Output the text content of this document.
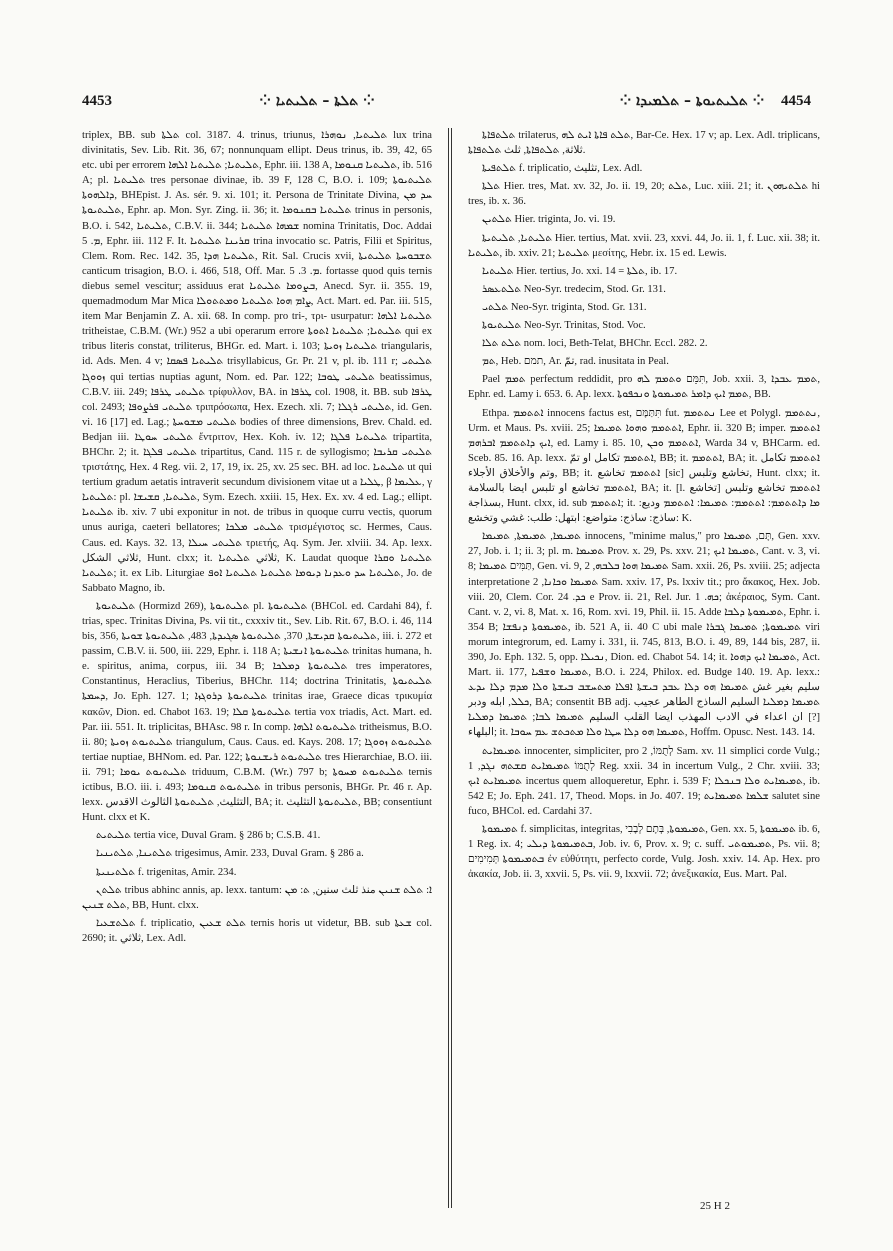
4453	⁘ ܬܠܬܐ – ܬܠܝܬܝܐ ⁘	⁘ ܬܠܝܬܝܘܬܐ – ܬܠܡܝܕܐ ⁘	4454

triplex, BB. sub ܬܠܬܐ col. 3187. 4. trinus, triunus, ܬܠܝܬܝܐ, ܢܘܗܪܐ lux trina divinitatis, Sev. Lib. Rit. 36, 67; nonnunquam ellipt. Deus trinus, ib. 39, 42, 65 etc. ubi per errorem ܬܠܝܬܝܐ; ܬܠܝܬܝܐ ܐܠܗܐ, Ephr. iii. 138 A, ܬܠܝܬܝܐ ܩܢܘܡܐ, ib. 516 A; pl. ܬܠܝܬܝܐ tres personae divinae, ib. 39 F, 128 C, B.O. i. 109; ܬܠܝܬܝܘܬܐ ܕܐܠܗܘܬܐ, BHEpist. J. As. sér. 9. xi. 101; it. Persona de Trinitate Divina, ܚܕ ܡܢ ܬܠܝܬܝܘܬܐ, Ephr. ap. Mon. Syr. Zing. ii. 36; it. ܬܠܝܬܝܐ ܒܩܢܘܡܐ trinus in personis, B.O. i. 542, ܬܠܝܬܝܐ, C.B.V. ii. 344; ܫܡܗܐ ܬܠܝܬܝܐ nomina Trinitatis, Doc. Addai ܡ. 5, Ephr. iii. 112 F. It. ܩܪܝܢܐ ܬܠܝܬܝܐ trina invocatio sc. Patris, Filii et Spiritus, Clem. Rom. Rec. 142. 35, ܬܠܝܬܝܐ ܗܕܐ, Rit. Sal. Crucis xvii, ܬܫܒܘܚܬܐ ܬܠܝܬܝܬܐ canticum trisagion, B.O. i. 466, 518, Off. Mar. ܡ. 3. 5. fortasse quod quis ternis diebus semel vescitur; assiduus erat ܒܨܘܡܐ ܬܠܝܬܝܐ, Anecd. Syr. ii. 355. 19, quemadmodum Mar Mica ܨܐܡ ܗܘܐ ܬܠܝܬܝܐ ܘܡܬܬܘܠܐ, Act. Mart. ed. Par. iii. 515, item Mar Benjamin Z. A. xii. 68. In comp. pro tri-, τρι- usurpatur: ܬܠܝܬܝܐ ܐܠܗܐ tritheistae, C.B.M. (Wr.) 952 a ubi operarum errore ܬܠܝܬܝܐ; ܬܠܝܬܝܐ ܐܬܘܬܐ qui ex tribus literis constat, triliterus, BHGr. ed. Mart. i. 103; ܬܠܝܬܝܐ ܙܘܝܬܐ triangularis, id. Ads. Men. 4 v; ܬܠܝܬܝܐ ܦܣܩܐ trisyllabicus, Gr. Pr. 21 v, pl. ib. 111 r; ܬܠܝܬܝ ܙܘܘܓܐ qui tertias nuptias agunt, Nom. ed. Par. 122; ܬܠܝܬܝ ܛܘܒܐ beatissimus, C.B.V. iii. 249; ܬܠܝܬܝ ܛܪܦܐ τρίφυλλον, BA. in ܛܪܦܐ col. 1908, it. BB. sub ܛܪܦܐ col. 2493; ܬܠܝܬܝ ܦܪܨܘܦܐ τριπρόσωπα, Hex. Ezech. xli. 7; ܬܠܝܬܝ ܪܓܠܐ, id. Gen. vi. 16 [17] ed. Lag.; ܬܠܝܬܝ ܡܫܘܚܬܐ bodies of three dimensions, Brev. Chald. ed. Bedjan iii. ܬܠܝܬܝ ܚܘܛܐ ἔντριτον, Hex. Koh. iv. 12; ܬܠܝܬܝܐ ܦܠܓܐ tripartita, BHChr. 2; it. ܬܠܝܬܝ ܦܠܓܐ tripartitus, Cand. 115 r. de syllogismo; ܬܠܝܬܝ ܩܪܝܒܐ τριστάτης, Hex. 4 Reg. vii. 2, 17, 19, ix. 25, xv. 25 sec. BH. ad loc. ܬܠܝܬܝܐ ut qui tertium gradum aetatis intraverit secundum divisionem vitae ut a ܛܠܝܐ, β ܥܠܝܡܐ, γ ܬܠܝܬܝܐ: pl. ܬܠܝܬܝܐ, ܩܫܝܫܐ, Sym. Ezech. xxiii. 15, Hex. Ex. xv. 4 ed. Lag.; ellipt. ܬܠܝܬܝܐ ib. xiv. 7 ubi exponitur in not. de tribus in quoque curru vectis, quorum unus auriga, caeteri bellatores; ܬܠܝܬܝ ܡܠܟܐ τρισμέγιστος sc. Hermes, Caus. Caus. ed. Kays. 32. 13, ܬܠܝܬܝ ܚܝܠܐ τριετής, Aq. Sym. Jer. xlviii. 34. Ap. lexx. ثلاثي الشكل, Hunt. clxx; it. ثلاثي ܬܠܝܬܝܐ, K. Laudat quoque ܬܠܝܬܝܐ ܘܩܪܐ ܬܠܝܬܝܐ; it. ex Lib. Liturgiae ܬܠܝܬܝܐ ܚܕ ܘܥܕܢܐ ܕܝܘܡܐ ܬܠܝܬܝܐ ܬܠܝܬܝܐ ܐܘܦ, Jo. de Sabbato Magno, ib.

ܬܠܝܬܝܘܬܐ (Hormizd 269), ܬܠܝܬܝܘܬܐ pl. ܬܠܝܬܝܘܬܐ (BHCol. ed. Cardahi 84), f. trias, spec. Trinitas Divina, Ps. vii tit., cxxxiv tit., Sev. Lib. Rit. 67, B.O. i. 46, 114 bis, 356, ܬܠܝܬܝܘܬܐ ܩܕܝܫܬܐ, 370, ܬܠܝܬܝܘܬܐ ܣܓܝܕܬܐ, 483, ܬܠܝܬܝܘܬܐ ܫܘܝܬܐ, iii. i. 272 et passim, C.B.V. ii. 500, iii. 229, Ephr. i. 118 A; ܬܠܝܬܝܘܬܐ ܐܢܫܝܬܐ trinitas humana, h. e. spiritus, anima, corpus, iii. 34 B; ܬܠܝܬܝܘܬܐ ܕܡܠܟܐ tres imperatores, Constantinus, Heraclius, Tiberius, BHChr. 114; doctrina Trinitatis, ܬܠܝܬܝܘܬܐ ܕܚܡܬܐ, Jo. Eph. 127. 1; ܬܠܝܬܝܘܬܐ ܕܪܘܓܙܐ trinitas irae, Graece dicas τρικυμία κακῶν, Dion. ed. Chabot 163. 19; ܬܠܝܬܝܘܬܐ ܩܠܐ tertia vox triadis, Act. Mart. ed. Par. iii. 551. It. triplicitas, BHAsc. 98 r. In comp. ܬܠܝܬܝܘܬ ܐܠܗܐ tritheismus, B.O. ii. 80; ܬܠܝܬܝܘܬ ܙܘܝܬܐ triangulum, Caus. Caus. ed. Kays. 208. 17; ܬܠܝܬܝܘܬ ܙܘܘܓܐ tertiae nuptiae, BHNom. ed. Par. 122; ܬܠܝܬܝܘܬ ܪܝܫܢܘܬܐ tres Hierarchiae, B.O. iii. ii. 791; ܬܠܝܬܝܘܬ ܝܘܡܐ triduum, C.B.M. (Wr.) 797 b; ܬܠܝܬܝܘܬ ܡܚܘܬܐ ternis ictibus, B.O. iii. i. 493; ܬܠܝܬܝܘܬ ܩܢܘܡܐ in tribus personis, BHGr. Pr. 46 r. Ap. lexx. التثليث, ܬܠܝܬܝܘܬܐ الثالوث الاقدس, BA; it. ܬܠܝܬܝܘܬܐ التثليث, BB; consentiunt Hunt. clxx et K.

ܬܠܝܬܝܬ tertia vice, Duval Gram. § 286 b; C.S.B. 41.

ܬܠܬܝܢܐ, ܬܠܬܝܢܝܐ trigesimus, Amir. 233, Duval Gram. § 286 a.

ܬܠܬܝܢܝܬܐ f. trigenitas, Amir. 234.

ܬܠܬܢ tribus abhinc annis, ap. lexx. tantum: ܐ: ܬܠܬ ܫܢܝܢ منذ ثلث سنين, ܬ: ܡܢ ܬܠܬ ܫܢܝܢ, BB, Hunt. clxx.

ܬܠܬܫܥܝܐ f. triplicatio, ܬܠܬ ܫܥܝܢ ternis horis ut videtur, BB. sub ܫܥܬܐ col. 2690; it. ثلاثي, Lex. Adl.

ܬܠܬܦܐܬܐ trilaterus, ܬܠܬ ܦܐܬܐ ܐܝܬ ܠܗ, Bar-Ce. Hex. 17 v; ap. Lex. Adl. triplicans, ثلاثة, ܬܠܬܦܐܬܐ, ثلث ܬܠܬܦܐܬܐ.

ܬܠܬܦܝܬܐ f. triplicatio, تثليث, Lex. Adl.

ܬܠܬܐ Hier. tres, Mat. xv. 32, Jo. ii. 19, 20; ܬܠܬ, Luc. xiii. 21; it. ܬܠܬܝܗܘܢ hi tres, ib. x. 36.

ܬܠܬܝܢ Hier. triginta, Jo. vi. 19.

ܬܠܝܬܝܐ, ܬܠܝܬܝܬܐ Hier. tertius, Mat. xvii. 23, xxvi. 44, Jo. ii. 1, f. Luc. xii. 38; it. ܬܠܝܬܝܐ, ib. xxiv. 21; ܬܠܝܬܝܐ μεσίτης, Hebr. ix. 15 ed. Lewis.

ܬܠܝܬܝܐ Hier. tertius, Jo. xxi. 14 = ܬܠܬܐ, ib. 17.

ܬܠܬܥܣܪ Neo-Syr. tredecim, Stod. Gr. 131.

ܬܠܬܝ Neo-Syr. triginta, Stod. Gr. 131.

ܬܠܝܬܝܘܬܐ Neo-Syr. Trinitas, Stod. Voc.

ܬܠܬ ܬܠܐ nom. loci, Beth-Telat, BHChr. Eccl. 282. 2.

ܬܡ, Heb. תמם, Ar. تمّ, rad. inusitata in Peal.

Pael ܬܡܡ perfectum reddidit, pro תִּמֵּם ܘܬܡܡ ܠܗ, Job. xxii. 3, ܬܡܡ ܥܒܕܐ, Ephr. ed. Lamy i. 653. 6. Ap. lexx. ܬܡܡ ܐܝܟ ܕܐܡܪ ܬܡܝܡܘܬܐ ܘܢܟܦܘܬܐ, BB.

Ethpa. ܐܬܬܡܡ innocens factus est, תִּתַּמָּם fut. ܢܬܬܡܡ Lee et Polygl. ܢܬܬܡܡ, Urm. et Maus. Ps. xviii. 25; ܐܬܬܡܡ ܘܗܘܐ ܬܡܝܡܐ, Ephr. ii. 320 B; imper. ܐܬܬܡܡ ܐܝܟ ܕܐܬܬܡܡ ܐܒܪܗܡ, ed. Lamy i. 85. 10, ܐܬܬܡܡ ܘܟܢ, Warda 34 v, BHCarm. ed. Sceb. 85. 16. Ap. lexx. ܐܬܬܡܡ تكامل او تمّ, BB; it. ܐܬܬܡܡ, BA; it. ܐܬܬܡܡ تكامل وتم والأخلاق الأجلاء, BB; it. ܐܬܬܡܡ تخاشع [sic] تخاشع وتلبس, Hunt. clxx; it. ܐܬܬܡܡ تخاشع او تلبس ايضا بالسلامة, BA; it. [l. تخاشع] ܐܬܬܡܡ تخاشع وتلبس بسذاجة, Hunt. clxx, id. sub ܐܬܬܡܡ; it. ܡܐ ܕܐܬܬܡܡ: ܐܬܬܡܡ: ܬܡܝܡܐ: ܐܬܬܡܡ وديع: ساذج: ساذج: متواضع: ابتهل: طلب: غشي وتخشع: K.

ܬܡܝܡܐ, ܬܡܝܡܬܐ, ܬܡܝܡܐ innocens, "minime malus," pro תָּם, ܬܡܝܡܐ, Gen. xxv. 27, Job. i. 1; ii. 3; pl. m. ܬܡܝܡܐ Prov. x. 29, Ps. xxv. 21; ܬܡܝܡܐ ܐܝܟ, Cant. v. 3, vi. 8; תַּמִּים ܬܡܝܡܐ, Gen. vi. 9, ܬܡܝܡܐ ܗܘܐ ܒܠܒܗ, 2 Sam. xxii. 26, Ps. xviii. 25; adjecta interpretatione ܬܡܝܡܐ ܘܟܐܢܐ, 2 Sam. xxiv. 17, Ps. lxxiv tit.; pro ἄκακος, Hex. Job. viii. 20, Clem. Cor. ܟܕ. 24 e Prov. ii. 21, Rel. Jur. ܟܗ. 1; ἀκέραιος, Sym. Cant. Cant. v. 2, vi. 8, Mat. x. 16, Rom. xvi. 19, Phil. ii. 15. Adde ܬܡܝܡܘܬܐ ܕܠܒܐ, Ephr. i. 354 B; ܬܡܝܡܘܬܐ ܕܢܦܫܐ, ib. 521 A, ii. 40 C ubi male ܬܡܝܡܘܬܐ; ܬܡܝܡܐ ܓܒܪܐ viri morum integrorum, ed. Lamy i. 331, ii. 745, 813, B.O. i. 49, 89, 144 bis, 287, ii. 390, Jo. Eph. 132. 5, opp. ܢܟܝܠܐ, Dion. ed. Chabot 54. 14; it. ܬܡܝܡܐ ܐܝܟ ܕܗܘܐ, Act. Mart. ii. 177, ܬܡܝܡܐ ܘܫܦܝܐ, B.O. i. 224, Philox. ed. Budge 140. 19. Ap. lexx.: سليم بغير غش ܬܡܝܡܐ ܗܘ ܕܠܐ ܥܒܕ ܒܝܫܬܐ ܐܦܠܐ ܡܬܚܫܒ ܒܝܫܬܐ ܘܠܐ ܡܕܡ ܕܠܐ ܝܕܥ ܟܠܠ, ابله ودبر, BA; consentit BB adj. ܬܡܝܡܐ ܕܡܠܝܐ السليم الساذج الطاهر عجيب [?] ان اعداء في الادب المهذب ايضا القلب السليم ܬܡܝܡܐ ܠܒܐ; ܬܡܝܡܐ ܕܡܠܝܐ البلهاء; it. ܬܡܝܡܐ ܗܘ ܕܠܐ ܚܛܐ ܘܠܐ ܡܬܟܬܫ ܥܡ ܚܘܒܐ, Hoffm. Opusc. Nest. 143. 14.

ܬܡܝܡܐܝܬ innocenter, simpliciter, pro לְתֻמּוֹ, 2 Sam. xv. 11 simplici corde Vulg.; לְתֻמּוֹ ܬܡܝܡܐܝܬ ܩܫܬܗ ܢܓܕ, 1 Reg. xxii. 34 in incertum Vulg., 2 Chr. xviii. 33; ܬܡܝܡܐܝܬ ܐܝܟ incertus quem alloqueretur, Ephr. i. 539 F; ܬܡܝܡܐܝܬ ܘܠܐ ܒܢܟܠܐ, ib. 542 E; Jo. Eph. 241. 17, Theod. Mops. in Jo. 407. 19; ܫܠܡܐ ܬܡܝܡܐܝܬ salutet sine fuco, BHCol. ed. Cardahi 37.

ܬܡܝܡܘܬܐ f. simplicitas, integritas, ܬܡܝܡܘܬܐ, בְּתָם לְבָבִי, Gen. xx. 5, ܬܡܝܡܘܬܐ ib. 6, 1 Reg. ix. 4; ܒܬܡܝܡܘܬܐ ܕܝܠܝ, Job. iv. 6, Prov. x. 9; c. suff. ܬܡܝܡܘܬܝ, Ps. vii. 8; ܒܬܡܝܡܘܬܐ תְּמִימִים ἐν εὐθύτητι, perfecto corde, Vulg. Josh. xxiv. 14. Ap. Hex. pro ἀκακία, Job. ii. 3, xxvii. 5, Ps. vii. 9, lxxvii. 72; ἀνεξικακία, Eus. Mart. Pal.

25 H 2
